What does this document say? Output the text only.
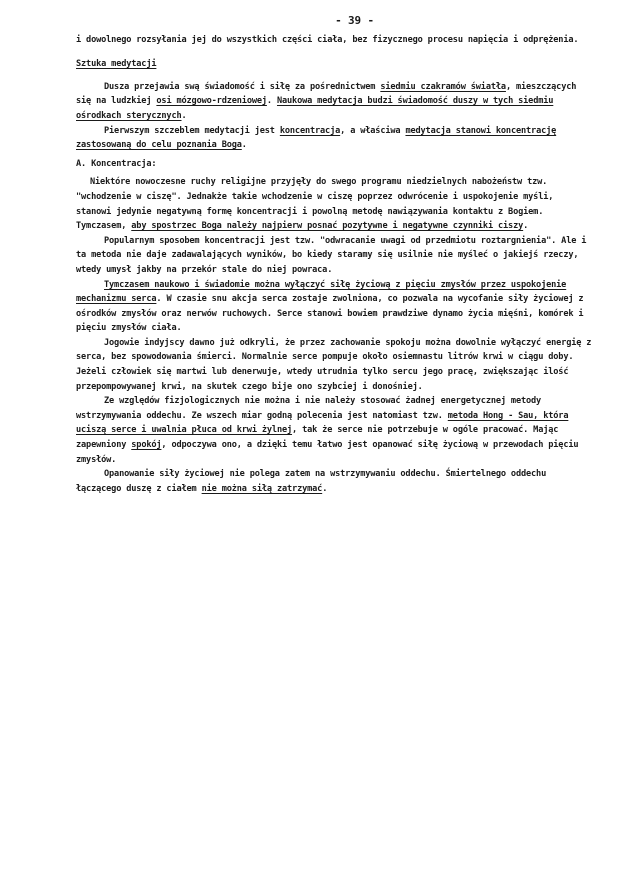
- 39 -

i dowolnego rozsyłania jej do wszystkich części ciała, bez fizycznego procesu napięcia i odprężenia.

Sztuka medytacji

Dusza przejawia swą świadomość i siłę za pośrednictwem siedmiu czakramów światła, mieszczących się na ludzkiej osi mózgowo-rdzeniowej. Naukowa medytacja budzi świadomość duszy w tych siedmiu ośrodkach sterycznych.

Pierwszym szczeblem medytacji jest koncentracja, a właściwa medytacja stanowi koncentrację zastosowaną do celu poznania Boga.

A. Koncentracja:

Niektóre nowoczesne ruchy religijne przyjęły do swego programu niedzielnych nabożeństw tzw. "wchodzenie w ciszę". Jednakże takie wchodzenie w ciszę poprzez odwrócenie i uspokojenie myśli, stanowi jedynie negatywną formę koncentracji i powolną metodę nawiązywania kontaktu z Bogiem. Tymczasem, aby spostrzec Boga należy najpierw posnać pozytywne i negatywne czynniki ciszy.

Popularnym sposobem koncentracji jest tzw. "odwracanie uwagi od przedmiotu roztargnienia". Ale i ta metoda nie daje zadawalających wyników, bo kiedy staramy się usilnie nie myśleć o jakiejś rzeczy, wtedy umysł jakby na przekór stale do niej powraca.

Tymczasem naukowo i świadomie można wyłączyć siłę życiową z pięciu zmysłów przez uspokojenie mechanizmu serca. W czasie snu akcja serca zostaje zwolniona, co pozwala na wycofanie siły życiowej z ośrodków zmysłów oraz nerwów ruchowych. Serce stanowi bowiem prawdziwe dynamo życia mięśni, komórek i pięciu zmysłów ciała.

Jogowie indyjscy dawno już odkryli, że przez zachowanie spokoju można dowolnie wyłączyć energię z serca, bez spowodowania śmierci. Normalnie serce pompuje około osiemnastu litrów krwi w ciągu doby. Jeżeli człowiek się martwi lub denerwuje, wtedy utrudnia tylko sercu jego pracę, zwiększając ilość przepompowywanej krwi, na skutek czego bije ono szybciej i donośniej.

Ze względów fizjologicznych nie można i nie należy stosować żadnej energetycznej metody wstrzymywania oddechu. Ze wszech miar godną polecenia jest natomiast tzw. metoda Hong - Sau, która uciszą serce i uwalnia płuca od krwi żylnej, tak że serce nie potrzebuje w ogóle pracować. Mając zapewniony spokój, odpoczywa ono, a dzięki temu łatwo jest opanować siłę życiową w przewodach pięciu zmysłów.

Opanowanie siły życiowej nie polega zatem na wstrzymywaniu oddechu. Śmiertelnego oddechu łączącego duszę z ciałem nie można siłą zatrzymać.
